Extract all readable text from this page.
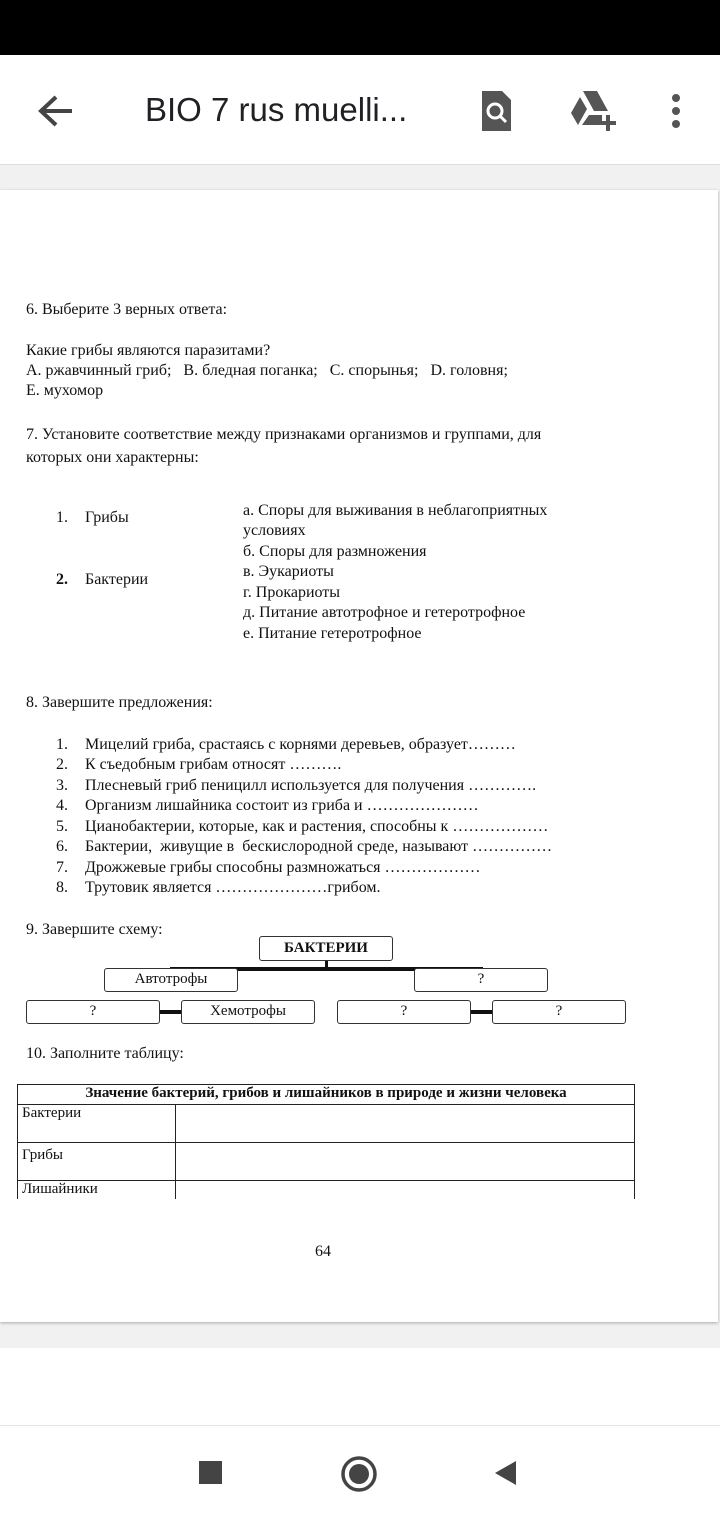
BIO 7 rus muelli...
6. Выберите 3 верных ответа:
Какие грибы являются паразитами?
A. ржавчинный гриб;   B. бледная поганка;   C. спорынья;   D. головня;
E. мухомор
7. Установите соответствие между признаками организмов и группами, для
которых они характерны:
1. Грибы
2. Бактерии
а. Споры для выживания в неблагоприятных
условиях
б. Споры для размножения
в. Эукариоты
г. Прокариоты
д. Питание автотрофное и гетеротрофное
е. Питание гетеротрофное
8. Завершите предложения:
1. Мицелий гриба, срастаясь с корнями деревьев, образует………
2. К съедобным грибам относят ……….
3. Плесневый гриб пеницилл используется для получения ………….
4. Организм лишайника состоит из гриба и …………………
5. Цианобактерии, которые, как и растения, способны к ………………
6. Бактерии,  живущие в  бескислородной среде, называют ……………
7. Дрожжевые грибы способны размножаться ………………
8. Трутовик является …………………грибом.
9. Завершите схему:
БАКТЕРИИ
Автотрофы	?
?	Хемотрофы	?	?
10. Заполните таблицу:
Значение бактерий, грибов и лишайников в природе и жизни человека	
Бактерии	
Грибы	
Лишайники	
64
